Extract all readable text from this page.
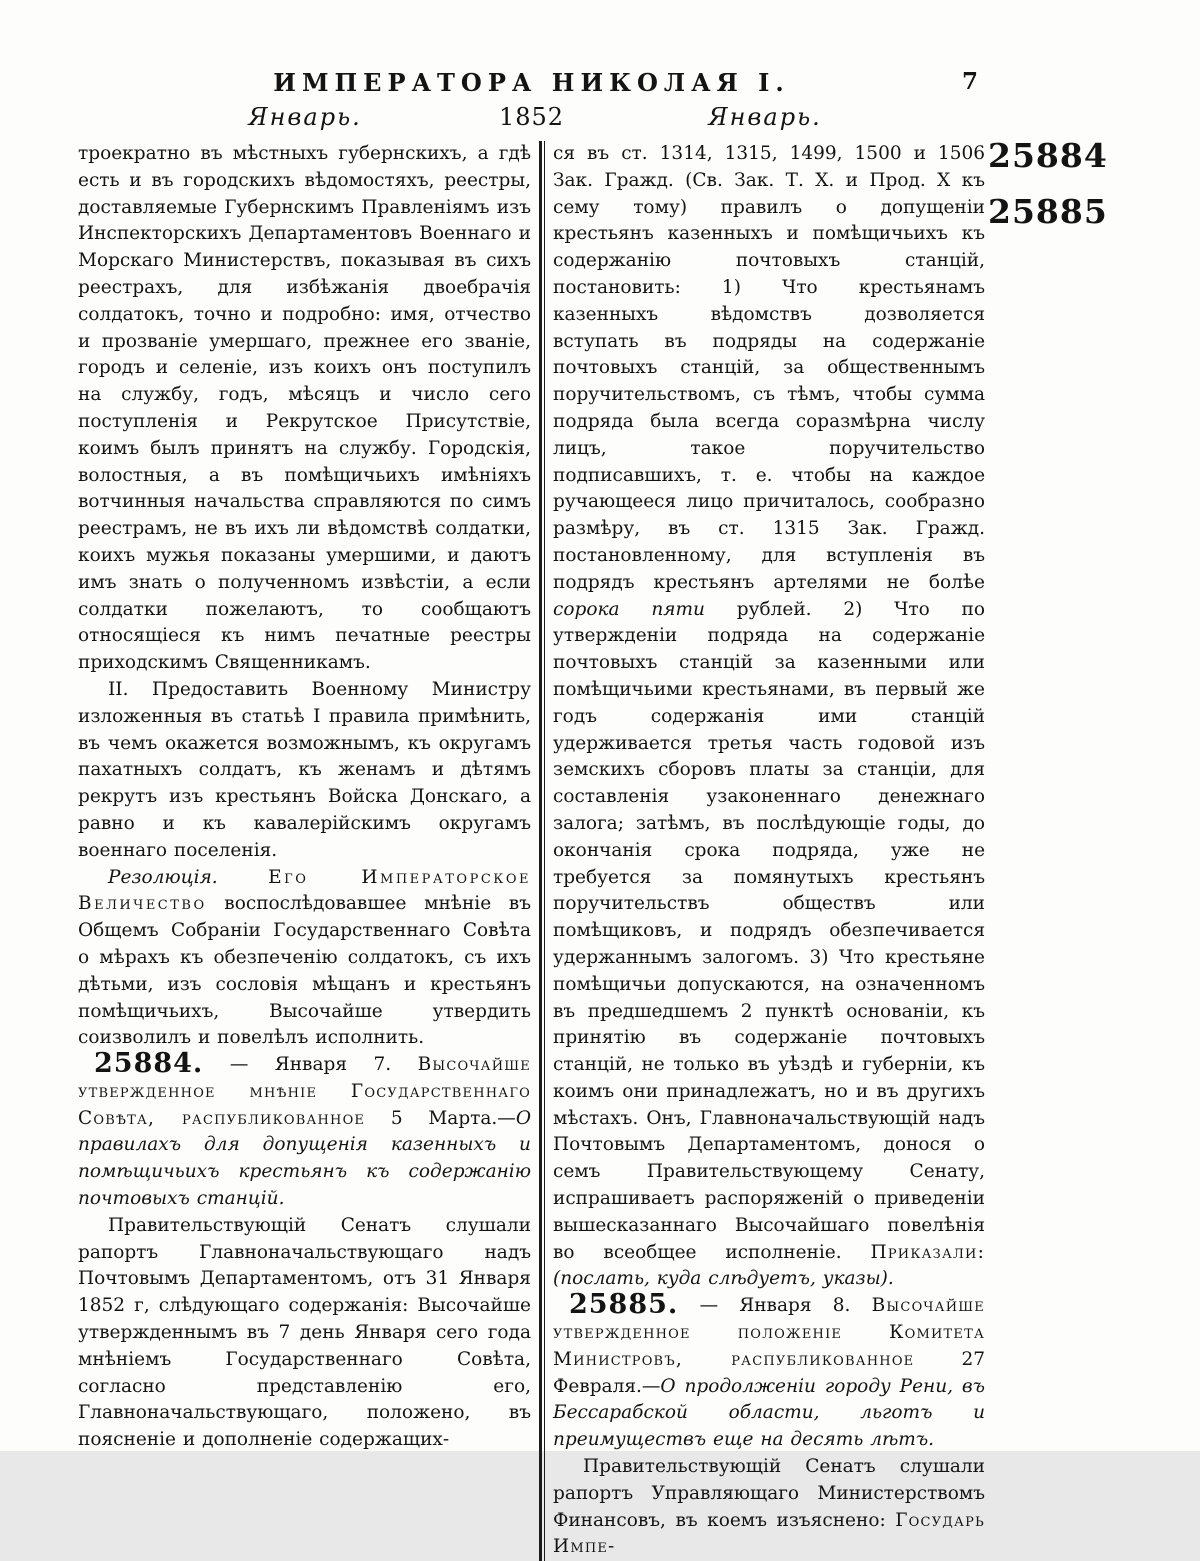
ИМПЕРАТОРА НИКОЛАЯ I.	7
Январь.	1852	Январь.
25884
25885

троекратно въ мѣстныхъ губернскихъ, а гдѣ есть и въ городскихъ вѣдомостяхъ, реестры, доставляемые Губернскимъ Правленіямъ изъ Инспекторскихъ Департаментовъ Военнаго и Морскаго Министерствъ, показывая въ сихъ реестрахъ, для избѣжанія двоебрачія солдатокъ, точно и подробно: имя, отчество и прозваніе умершаго, прежнее его званіе, городъ и селеніе, изъ коихъ онъ поступилъ на службу, годъ, мѣсяцъ и число сего поступленія и Рекрутское Присутствіе, коимъ былъ принятъ на службу. Городскія, волостныя, а въ помѣщичьихъ имѣніяхъ вотчинныя начальства справляются по симъ реестрамъ, не въ ихъ ли вѣдомствѣ солдатки, коихъ мужья показаны умершими, и даютъ имъ знать о полученномъ извѣстіи, а если солдатки пожелаютъ, то сообщаютъ относящіеся къ нимъ печатные реестры приходскимъ Священникамъ.

II. Предоставить Военному Министру изложенныя въ статьѣ I правила примѣнить, въ чемъ окажется возможнымъ, къ округамъ пахатныхъ солдатъ, къ женамъ и дѣтямъ рекрутъ изъ крестьянъ Войска Донскаго, а равно и къ кавалерійскимъ округамъ военнаго поселенія.

Резолюція.	Его Императорское Величество воспослѣдовавшее мнѣніе въ Общемъ Собраніи Государственнаго Совѣта о мѣрахъ къ обезпеченію солдатокъ, съ ихъ дѣтьми, изъ сословія мѣщанъ и крестьянъ помѣщичьихъ, Высочайше утвердить соизволилъ и повелѣлъ исполнить.

25884. — Января 7. Высочайше утвержденное мнѣніе Государственнаго Совѣта, распубликованное 5 Марта.—О правилахъ для допущенія казенныхъ и помѣщичьихъ крестьянъ къ содержанію почтовыхъ станцій.

Правительствующій Сенатъ слушали рапортъ Главноначальствующаго надъ Почтовымъ Департаментомъ, отъ 31 Января 1852 г, слѣдующаго содержанія: Высочайше утвержденнымъ въ 7 день Января сего года мнѣніемъ Государственнаго Совѣта, согласно представленію его, Главноначальствующаго, положено, въ поясненіе и дополненіе содержащих-

ся въ ст. 1314, 1315, 1499, 1500 и 1506 Зак. Гражд. (Св. Зак. Т. X. и Прод. X къ сему тому) правилъ о допущеніи крестьянъ казенныхъ и помѣщичьихъ къ содержанію почтовыхъ станцій, постановить: 1) Что крестьянамъ казенныхъ вѣдомствъ дозволяется вступать въ подряды на содержаніе почтовыхъ станцій, за общественнымъ поручительствомъ, съ тѣмъ, чтобы сумма подряда была всегда соразмѣрна числу лицъ, такое поручительство подписавшихъ, т. е. чтобы на каждое ручающееся лицо причиталось, сообразно размѣру, въ ст. 1315 Зак. Гражд. постановленному, для вступленія въ подрядъ крестьянъ артелями не болѣе сорока пяти рублей. 2) Что по утвержденіи подряда на содержаніе почтовыхъ станцій за казенными или помѣщичьими крестьянами, въ первый же годъ содержанія ими станцій удерживается третья часть годовой изъ земскихъ сборовъ платы за станціи, для составленія узаконеннаго денежнаго залога; затѣмъ, въ послѣдующіе годы, до окончанія срока подряда, уже не требуется за помянутыхъ крестьянъ поручительствъ обществъ или помѣщиковъ, и подрядъ обезпечивается удержаннымъ залогомъ. 3) Что крестьяне помѣщичьи допускаются, на означенномъ въ предшедшемъ 2 пунктѣ основаніи, къ принятію въ содержаніе почтовыхъ станцій, не только въ уѣздѣ и губерніи, къ коимъ они принадлежатъ, но и въ другихъ мѣстахъ. Онъ, Главноначальствующій надъ Почтовымъ Департаментомъ, донося о семъ Правительствующему Сенату, испрашиваетъ распоряженій о приведеніи вышесказаннаго Высочайшаго повелѣнія во всеобщее исполненіе. Приказали: (послать, куда слѣдуетъ, указы).

25885. — Января 8. Высочайше утвержденное положеніе Комитета Министровъ, распубликованное	27 Февраля.—О продолженіи городу Рени, въ Бессарабской области, льготъ и преимуществъ еще на десять лѣтъ.

Правительствующій Сенатъ слушали рапортъ Управляющаго Министерствомъ Финансовъ, въ коемъ изъяснено: Государь Импе-
